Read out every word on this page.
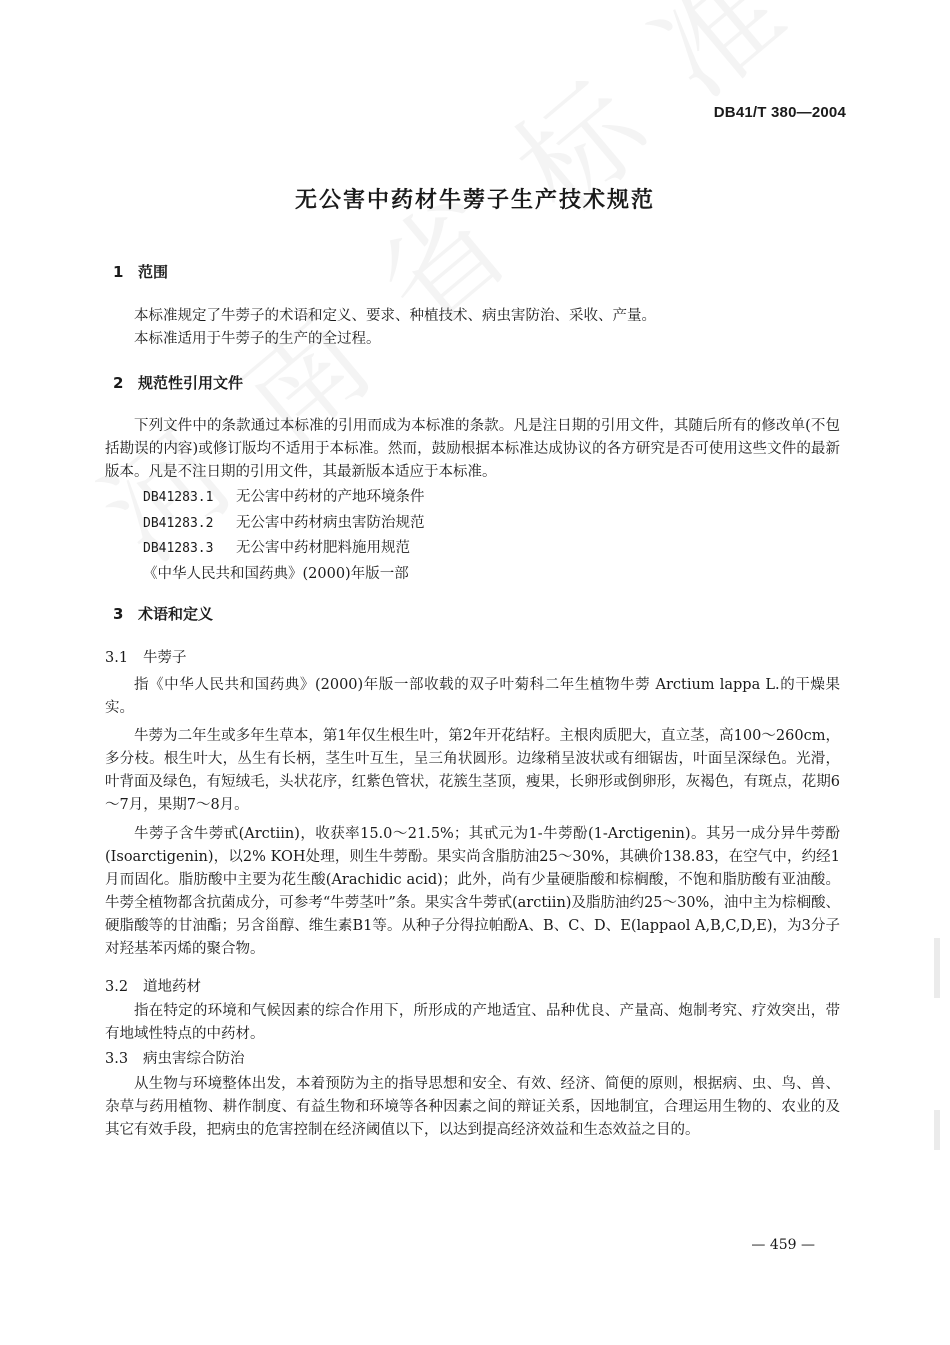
DB41/T 380—2004
无公害中药材牛蒡子生产技术规范
1 范围
本标准规定了牛蒡子的术语和定义、要求、种植技术、病虫害防治、采收、产量。
本标准适用于牛蒡子的生产的全过程。
2 规范性引用文件
下列文件中的条款通过本标准的引用而成为本标准的条款。凡是注日期的引用文件，其随后所有的修改单(不包括勘误的内容)或修订版均不适用于本标准。然而，鼓励根据本标准达成协议的各方研究是否可使用这些文件的最新版本。凡是不注日期的引用文件，其最新版本适应于本标准。
DB41283.1 无公害中药材的产地环境条件
DB41283.2 无公害中药材病虫害防治规范
DB41283.3 无公害中药材肥料施用规范
《中华人民共和国药典》(2000)年版一部
3 术语和定义
3.1 牛蒡子
指《中华人民共和国药典》(2000)年版一部收载的双子叶菊科二年生植物牛蒡 Arctium lappa L.的干燥果实。
牛蒡为二年生或多年生草本，第1年仅生根生叶，第2年开花结籽。主根肉质肥大，直立茎，高100～260cm，多分枝。根生叶大，丛生有长柄，茎生叶互生，呈三角状圆形。边缘稍呈波状或有细锯齿，叶面呈深绿色。光滑，叶背面及绿色，有短绒毛，头状花序，红紫色管状，花簇生茎顶，瘦果，长卵形或倒卵形，灰褐色，有斑点，花期6～7月，果期7～8月。
牛蒡子含牛蒡甙(Arctiin)，收获率15.0～21.5%；其甙元为1-牛蒡酚(1-Arctigenin)。其另一成分异牛蒡酚(Isoarctigenin)，以2% KOH处理，则生牛蒡酚。果实尚含脂肪油25～30%，其碘价138.83，在空气中，约经1月而固化。脂肪酸中主要为花生酸(Arachidic acid)；此外，尚有少量硬脂酸和棕榈酸，不饱和脂肪酸有亚油酸。牛蒡全植物都含抗菌成分，可参考“牛蒡茎叶”条。果实含牛蒡甙(arctiin)及脂肪油约25～30%，油中主为棕榈酸、硬脂酸等的甘油酯；另含甾醇、维生素B1等。从种子分得拉帕酚A、B、C、D、E(lappaol A,B,C,D,E)，为3分子对羟基苯丙烯的聚合物。
3.2 道地药材
指在特定的环境和气候因素的综合作用下，所形成的产地适宜、品种优良、产量高、炮制考究、疗效突出，带有地域性特点的中药材。
3.3 病虫害综合防治
从生物与环境整体出发，本着预防为主的指导思想和安全、有效、经济、简便的原则，根据病、虫、鸟、兽、杂草与药用植物、耕作制度、有益生物和环境等各种因素之间的辩证关系，因地制宜，合理运用生物的、农业的及其它有效手段，把病虫的危害控制在经济阈值以下，以达到提高经济效益和生态效益之目的。
— 459 —
